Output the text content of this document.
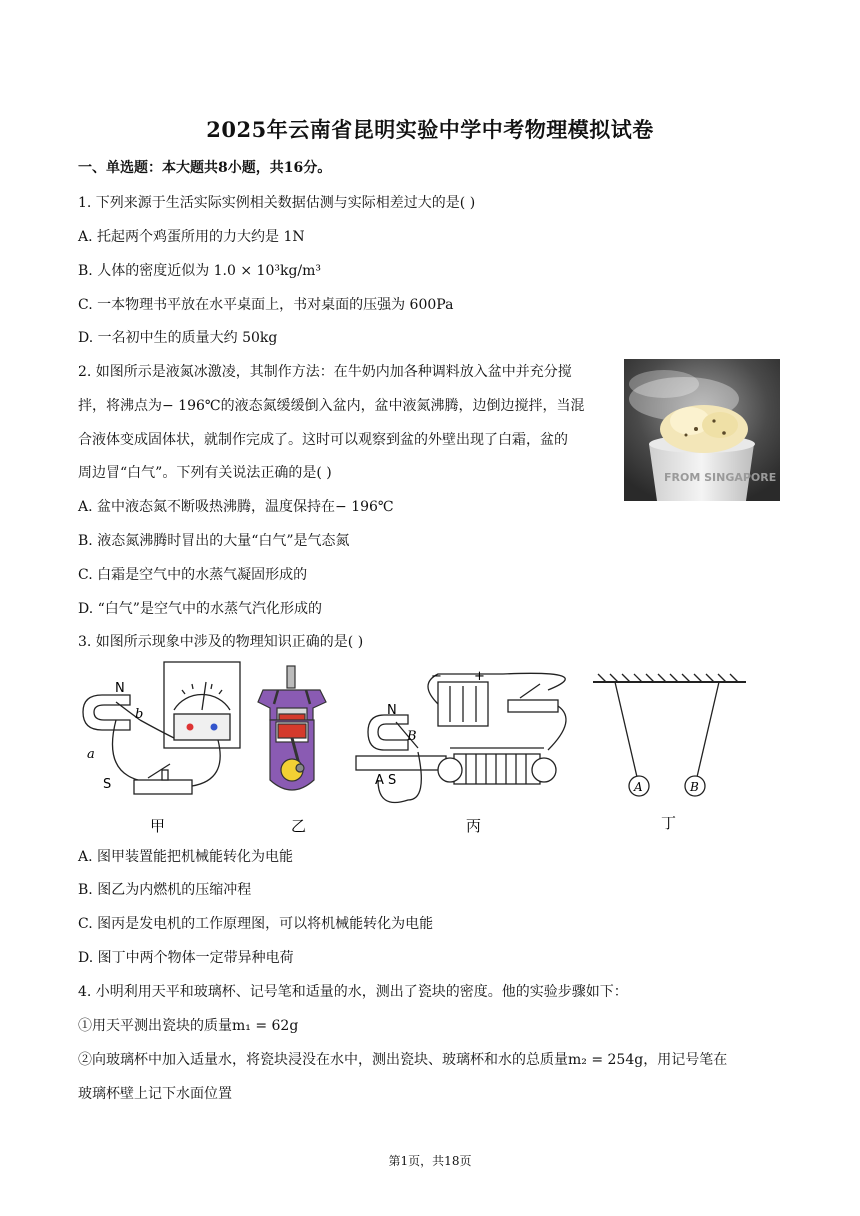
2025年云南省昆明实验中学中考物理模拟试卷
一、单选题：本大题共8小题，共16分。
1. 下列来源于生活实际实例相关数据估测与实际相差过大的是( )
A. 托起两个鸡蛋所用的力大约是 1N
B. 人体的密度近似为 1.0 × 10³kg/m³
C. 一本物理书平放在水平桌面上，书对桌面的压强为 600Pa
D. 一名初中生的质量大约 50kg
2. 如图所示是液氮冰激凌，其制作方法：在牛奶内加各种调料放入盆中并充分搅
拌，将沸点为− 196℃的液态氮缓缓倒入盆内，盆中液氮沸腾，边倒边搅拌，当混
合液体变成固体状，就制作完成了。这时可以观察到盆的外壁出现了白霜，盆的
周边冒“白气”。下列有关说法正确的是( )
A. 盆中液态氮不断吸热沸腾，温度保持在− 196℃
B. 液态氮沸腾时冒出的大量“白气”是气态氮
C. 白霜是空气中的水蒸气凝固形成的
D. “白气”是空气中的水蒸气汽化形成的
FROM SINGAPORE
3. 如图所示现象中涉及的物理知识正确的是( )
N
S
a
b
甲	乙
− +
N
B
A S
丙
A	B
丁
A. 图甲装置能把机械能转化为电能
B. 图乙为内燃机的压缩冲程
C. 图丙是发电机的工作原理图，可以将机械能转化为电能
D. 图丁中两个物体一定带异种电荷
4. 小明利用天平和玻璃杯、记号笔和适量的水，测出了瓷块的密度。他的实验步骤如下：
①用天平测出瓷块的质量m₁ = 62g
②向玻璃杯中加入适量水，将瓷块浸没在水中，测出瓷块、玻璃杯和水的总质量m₂ = 254g，用记号笔在
玻璃杯壁上记下水面位置
第1页，共18页
